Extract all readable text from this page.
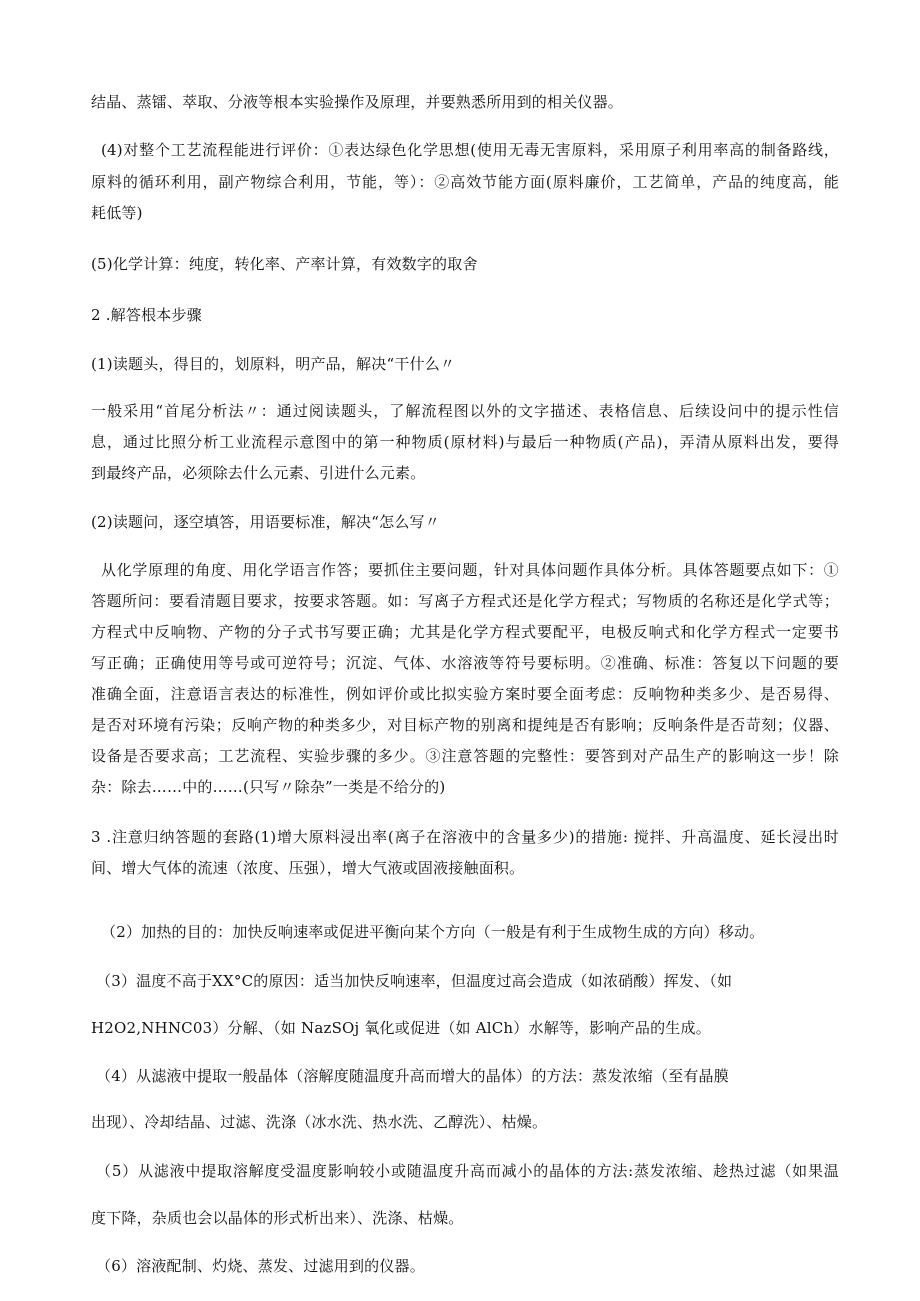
结晶、蒸镭、萃取、分液等根本实验操作及原理，并要熟悉所用到的相关仪器。

(4)对整个工艺流程能进行评价：①表达绿色化学思想(使用无毒无害原料，采用原子利用率高的制备路线，

原料的循环利用，副产物综合利用，节能，等）：②高效节能方面(原料廉价，工艺简单，产品的纯度高，能

耗低等)

(5)化学计算：纯度，转化率、产率计算，有效数字的取舍

2 .解答根本步骤

(1)读题头，得目的，划原料，明产品，解决“干什么〃

一般采用“首尾分析法〃：通过阅读题头，了解流程图以外的文字描述、表格信息、后续设问中的提示性信

息，通过比照分析工业流程示意图中的第一种物质(原材料)与最后一种物质(产品)，弄清从原料出发，要得

到最终产品，必须除去什么元素、引进什么元素。

(2)读题问，逐空填答，用语要标准，解决“怎么写〃

从化学原理的角度、用化学语言作答；要抓住主要问题，针对具体问题作具体分析。具体答题要点如下：①

答题所问：要看清题目要求，按要求答题。如：写离子方程式还是化学方程式；写物质的名称还是化学式等；

方程式中反响物、产物的分子式书写要正确；尤其是化学方程式要配平，电极反响式和化学方程式一定要书

写正确；正确使用等号或可逆符号；沉淀、气体、水溶液等符号要标明。②准确、标准：答复以下问题的要

准确全面，注意语言表达的标准性，例如评价或比拟实验方案时要全面考虑：反响物种类多少、是否易得、

是否对环境有污染；反响产物的种类多少，对目标产物的别离和提纯是否有影响；反响条件是否苛刻；仪器、

设备是否要求高；工艺流程、实验步骤的多少。③注意答题的完整性：要答到对产品生产的影响这一步！除

杂：除去……中的……(只写〃除杂”一类是不给分的)

3 .注意归纳答题的套路(1)增大原料浸出率(离子在溶液中的含量多少)的措施: 搅拌、升高温度、延长浸出时

间、增大气体的流速（浓度、压强），增大气液或固液接触面积。

（2）加热的目的：加快反响速率或促进平衡向某个方向（一般是有利于生成物生成的方向）移动。

（3）温度不高于XX°C的原因：适当加快反响速率，但温度过高会造成（如浓硝酸）挥发、（如

H2O2,NHNC03）分解、（如 NazSOj 氧化或促进（如 AlCh）水解等，影响产品的生成。

（4）从滤液中提取一般晶体（溶解度随温度升高而增大的晶体）的方法：蒸发浓缩（至有晶膜

出现）、冷却结晶、过滤、洗涤（冰水洗、热水洗、乙醇洗）、枯燥。

（5）从滤液中提取溶解度受温度影响较小或随温度升高而减小的晶体的方法:蒸发浓缩、趁热过滤（如果温

度下降，杂质也会以晶体的形式析出来）、洗涤、枯燥。

（6）溶液配制、灼烧、蒸发、过滤用到的仪器。
